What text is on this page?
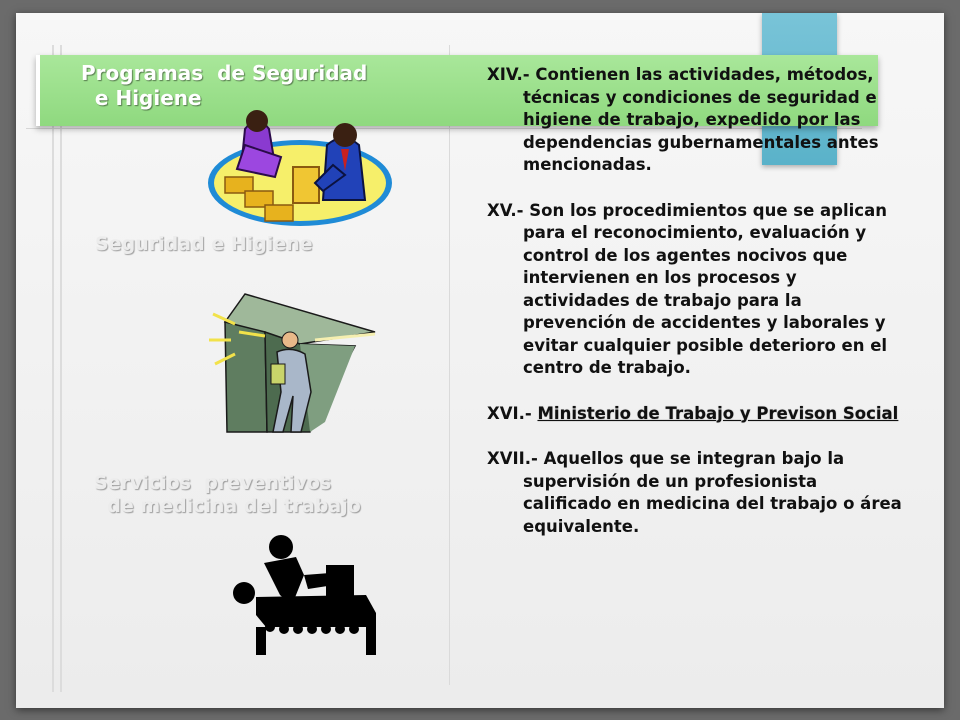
Programas  de Seguridad
e Higiene
Seguridad e Higiene
Servicios  preventivos
de medicina del trabajo

XIV.- Contienen las actividades, métodos, técnicas y condiciones de seguridad e higiene de trabajo, expedido por las dependencias gubernamentales antes mencionadas.

XV.- Son los procedimientos que se aplican para el reconocimiento, evaluación y control de los agentes nocivos que intervienen en los procesos y actividades de trabajo para la prevención de accidentes y laborales y evitar cualquier posible deterioro en el centro de trabajo.

XVI.- Ministerio de Trabajo y Previson Social

XVII.- Aquellos que se integran bajo la supervisión de un profesionista calificado en medicina del trabajo o área equivalente.
